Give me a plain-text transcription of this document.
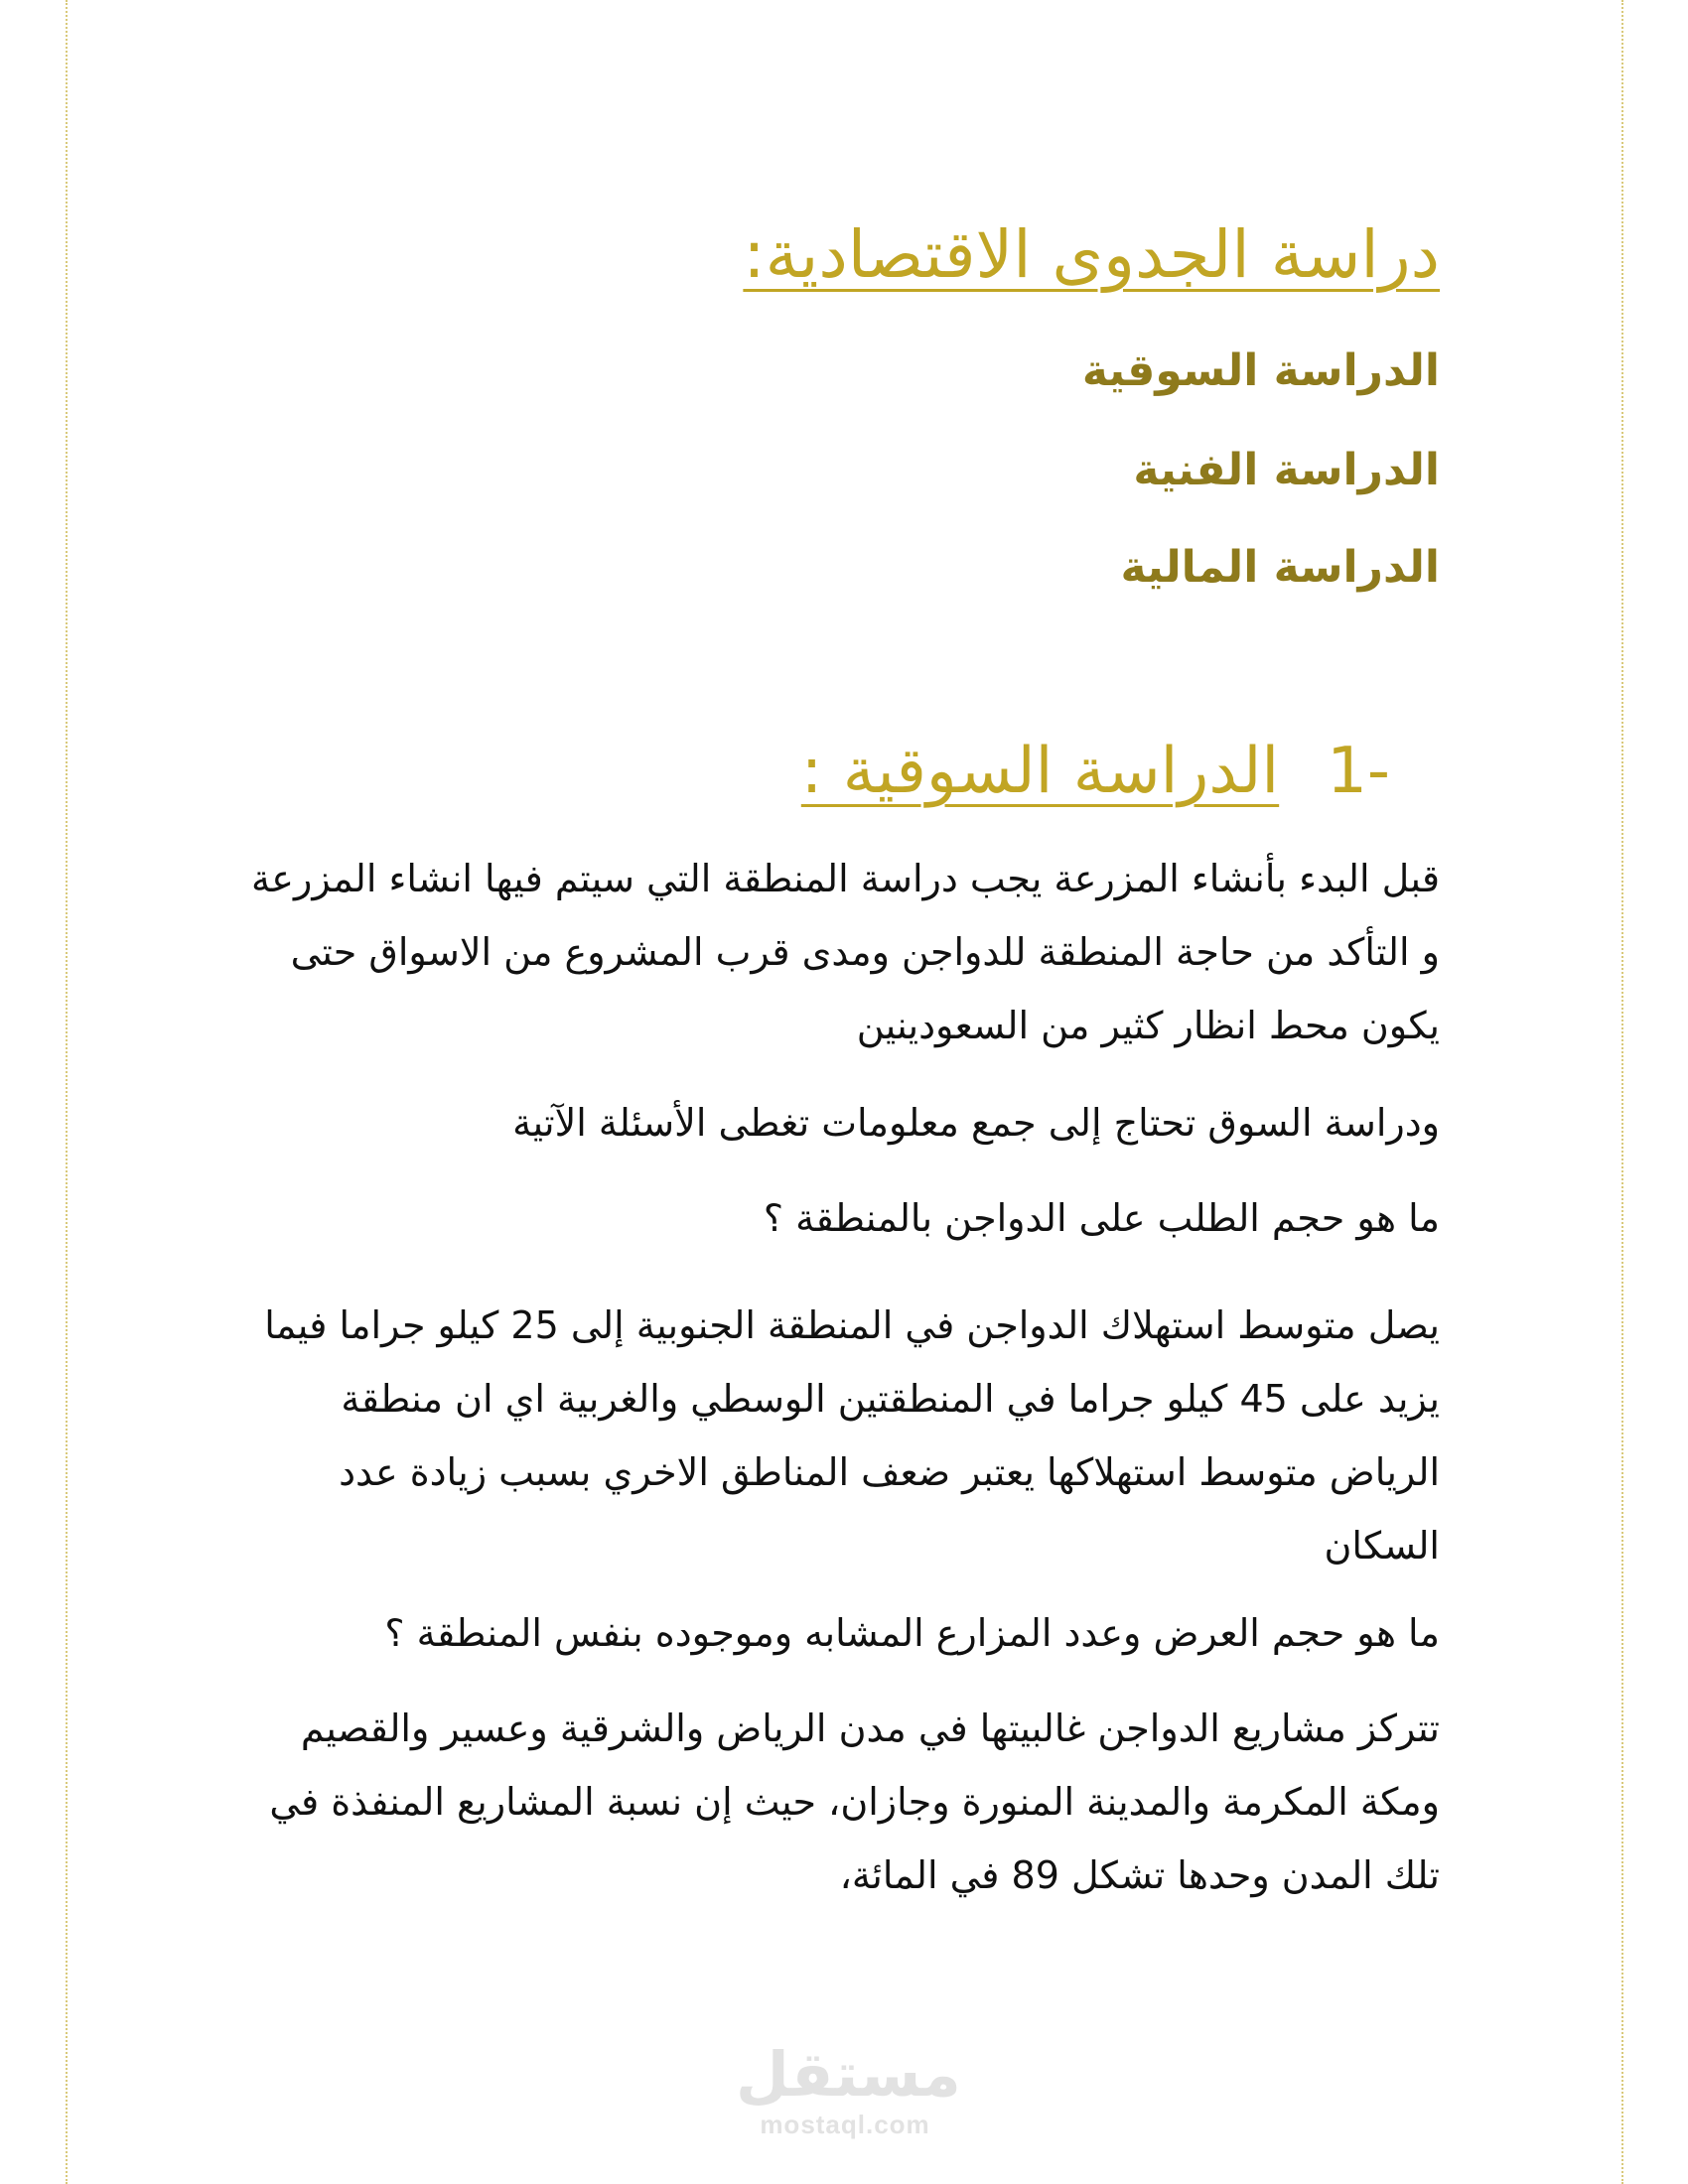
دراسة الجدوى الاقتصادية:
الدراسة السوقية
الدراسة الفنية
الدراسة المالية
-1الدراسة السوقية :

قبل البدء بأنشاء المزرعة يجب دراسة المنطقة التي سيتم فيها انشاء المزرعة و التأكد من حاجة المنطقة للدواجن ومدى قرب المشروع من الاسواق حتى يكون محط انظار كثير من السعودينين

ودراسة السوق تحتاج إلى جمع معلومات تغطى الأسئلة الآتية

ما هو حجم الطلب على الدواجن بالمنطقة ؟

يصل متوسط استهلاك الدواجن في المنطقة الجنوبية إلى 25 كيلو جراما فيما يزيد على 45 كيلو جراما في المنطقتين الوسطي والغربية اي ان منطقة الرياض متوسط استهلاكها يعتبر ضعف المناطق الاخري بسبب زيادة عدد السكان

ما هو حجم العرض وعدد المزارع المشابه وموجوده بنفس المنطقة ؟

تتركز مشاريع الدواجن غالبيتها في مدن الرياض والشرقية وعسير والقصيم ومكة المكرمة والمدينة المنورة وجازان، حيث إن نسبة المشاريع المنفذة في تلك المدن وحدها تشكل 89 في المائة،

مستقل
mostaql.com
